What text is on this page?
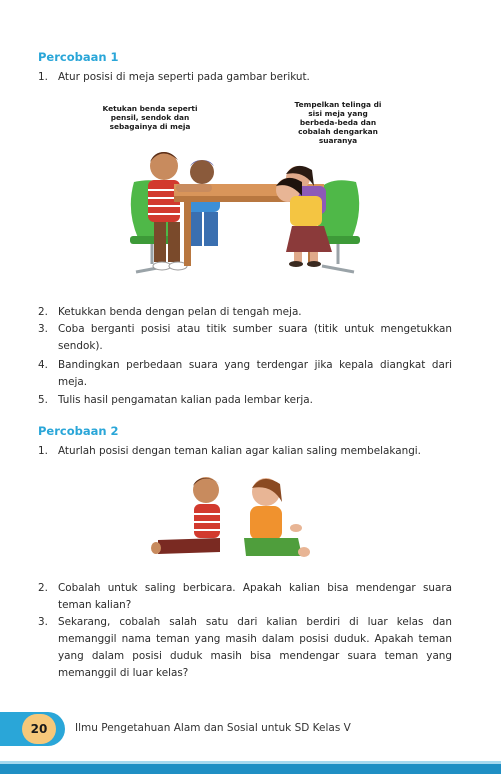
Percobaan 1
1. Atur posisi di meja seperti pada gambar berikut.
Ketukan benda seperti pensil, sendok dan sebagainya di meja
Tempelkan telinga di sisi meja yang berbeda-beda dan cobalah dengarkan suaranya
2. Ketukkan benda dengan pelan di tengah meja.
3. Coba berganti posisi atau titik sumber suara (titik untuk mengetukkan sendok).
4. Bandingkan perbedaan suara yang terdengar jika kepala diangkat dari meja.
5. Tulis hasil pengamatan kalian pada lembar kerja.
Percobaan 2
1. Aturlah posisi dengan teman kalian agar kalian saling membelakangi.
2. Cobalah untuk saling berbicara. Apakah kalian bisa mendengar suara teman kalian?
3. Sekarang, cobalah salah satu dari kalian berdiri di luar kelas dan memanggil nama teman yang masih dalam posisi duduk. Apakah teman yang dalam posisi duduk masih bisa mendengar suara teman yang memanggil di luar kelas?
20	Ilmu Pengetahuan Alam dan Sosial untuk SD Kelas V
